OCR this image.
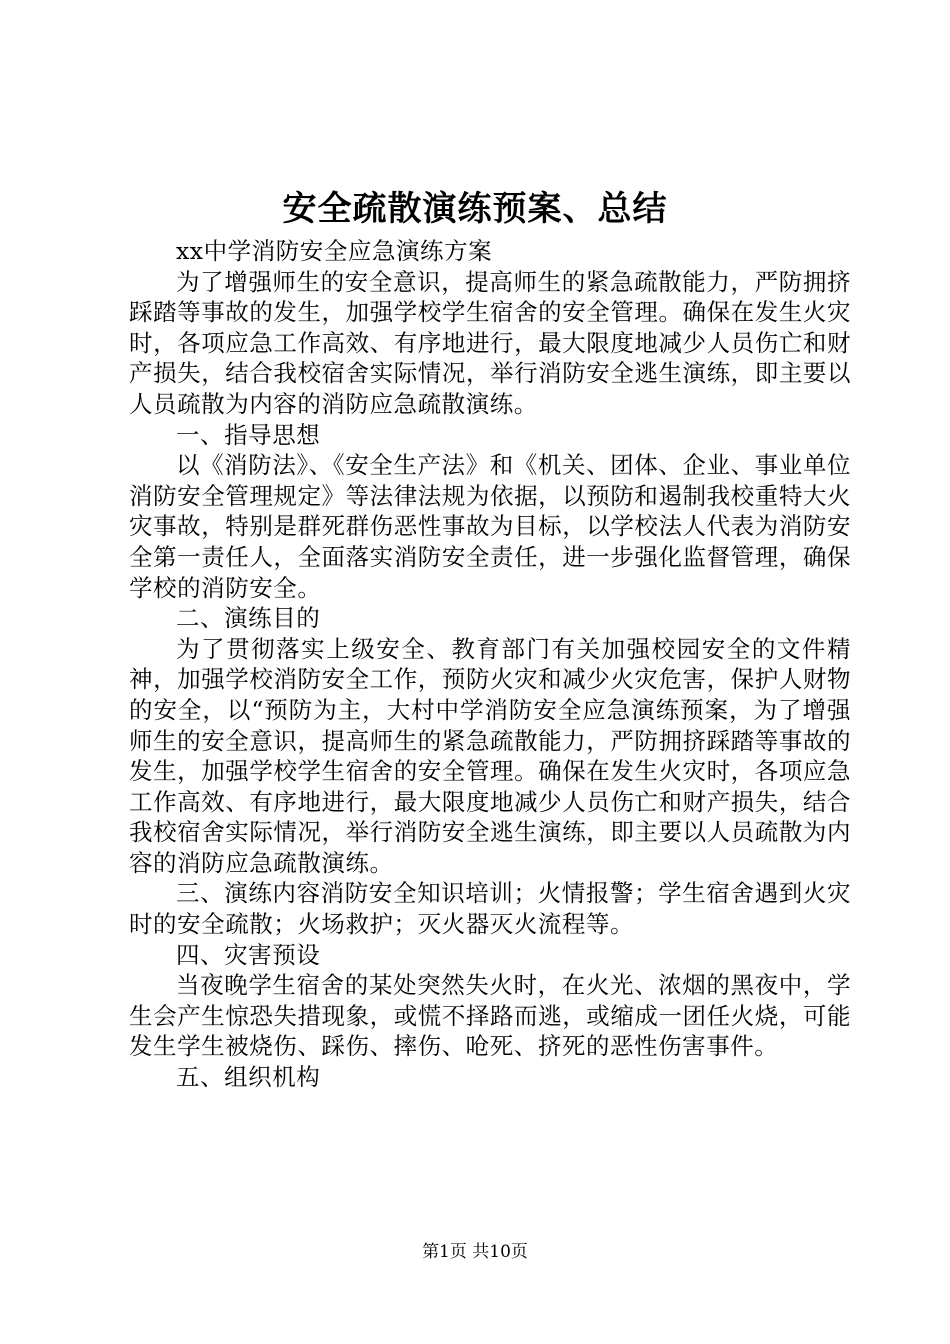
安全疏散演练预案、总结

xx中学消防安全应急演练方案

为了增强师生的安全意识，提高师生的紧急疏散能力，严防拥挤踩踏等事故的发生，加强学校学生宿舍的安全管理。确保在发生火灾时，各项应急工作高效、有序地进行，最大限度地减少人员伤亡和财产损失，结合我校宿舍实际情况，举行消防安全逃生演练，即主要以人员疏散为内容的消防应急疏散演练。

一、指导思想

以《消防法》、《安全生产法》和《机关、团体、企业、事业单位消防安全管理规定》等法律法规为依据，以预防和遏制我校重特大火灾事故，特别是群死群伤恶性事故为目标，以学校法人代表为消防安全第一责任人，全面落实消防安全责任，进一步强化监督管理，确保学校的消防安全。

二、演练目的

为了贯彻落实上级安全、教育部门有关加强校园安全的文件精神，加强学校消防安全工作，预防火灾和减少火灾危害，保护人财物的安全，以“预防为主，大村中学消防安全应急演练预案，为了增强师生的安全意识，提高师生的紧急疏散能力，严防拥挤踩踏等事故的发生，加强学校学生宿舍的安全管理。确保在发生火灾时，各项应急工作高效、有序地进行，最大限度地减少人员伤亡和财产损失，结合我校宿舍实际情况，举行消防安全逃生演练，即主要以人员疏散为内容的消防应急疏散演练。

三、演练内容消防安全知识培训；火情报警；学生宿舍遇到火灾时的安全疏散；火场救护；灭火器灭火流程等。

四、灾害预设

当夜晚学生宿舍的某处突然失火时，在火光、浓烟的黑夜中，学生会产生惊恐失措现象，或慌不择路而逃，或缩成一团任火烧，可能发生学生被烧伤、踩伤、摔伤、呛死、挤死的恶性伤害事件。

五、组织机构

第1页 共10页
